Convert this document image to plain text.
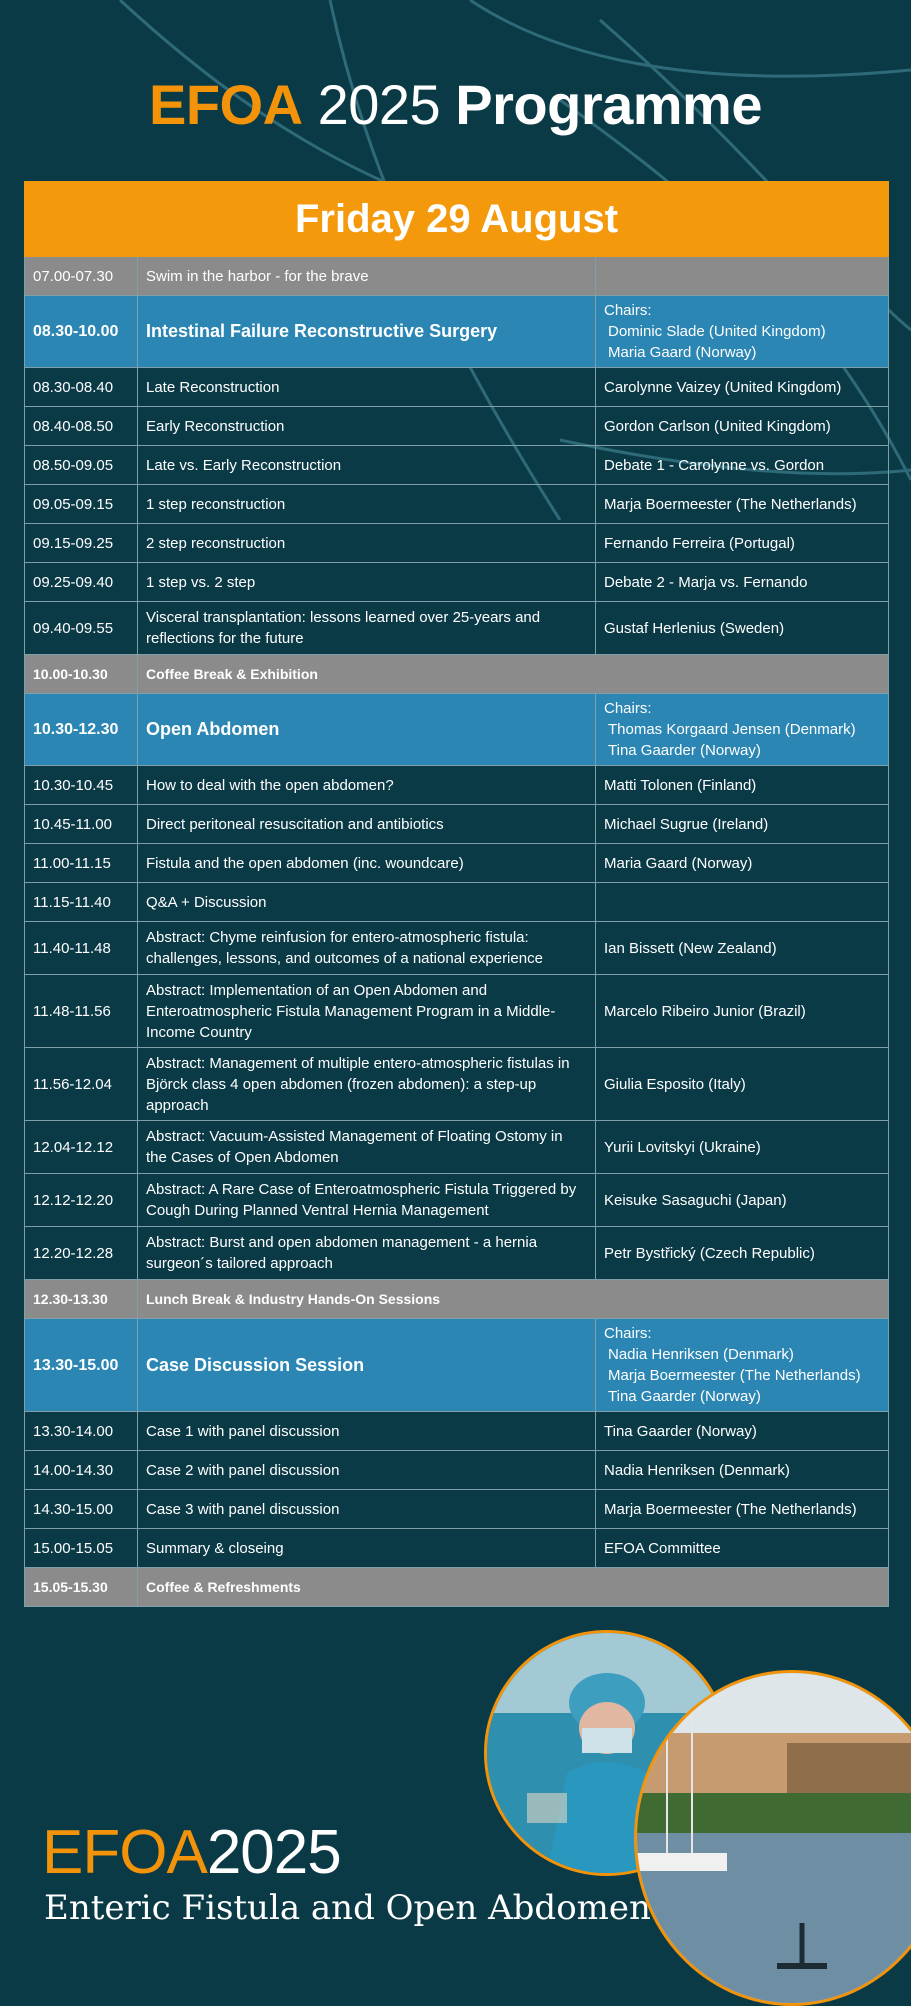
EFOA 2025 Programme
Friday 29 August		
07.00-07.30	Swim in the harbor - for the brave	
08.30-10.00	Intestinal Failure Reconstructive Surgery	Chairs:
Dominic Slade (United Kingdom)
Maria Gaard (Norway)

08.30-08.40	Late Reconstruction	Carolynne Vaizey (United Kingdom)
08.40-08.50	Early Reconstruction	Gordon Carlson (United Kingdom)
08.50-09.05	Late vs. Early Reconstruction	Debate 1 - Carolynne vs. Gordon
09.05-09.15	1 step reconstruction	Marja Boermeester (The Netherlands)
09.15-09.25	2 step reconstruction	Fernando Ferreira (Portugal)
09.25-09.40	1 step vs. 2 step	Debate 2 - Marja vs. Fernando
09.40-09.55	Visceral transplantation: lessons learned over 25-years and reflections for the future	Gustaf Herlenius (Sweden)
10.00-10.30	Coffee Break & Exhibition	
10.30-12.30	Open Abdomen	Chairs:
Thomas Korgaard Jensen (Denmark)
Tina Gaarder (Norway)

10.30-10.45	How to deal with the open abdomen?	Matti Tolonen (Finland)
10.45-11.00	Direct peritoneal resuscitation and antibiotics	Michael Sugrue (Ireland)
11.00-11.15	Fistula and the open abdomen (inc. woundcare)	Maria Gaard (Norway)
11.15-11.40	Q&A + Discussion	
11.40-11.48	Abstract: Chyme reinfusion for entero-atmospheric fistula: challenges, lessons, and outcomes of a national experience	Ian Bissett (New Zealand)
11.48-11.56	Abstract: Implementation of an Open Abdomen and Enteroatmospheric Fistula Management Program in a Middle-Income Country	Marcelo Ribeiro Junior (Brazil)
11.56-12.04	Abstract: Management of multiple entero-atmospheric fistulas in Björck class 4 open abdomen (frozen abdomen): a step-up approach	Giulia Esposito (Italy)
12.04-12.12	Abstract: Vacuum-Assisted Management of Floating Ostomy in the Cases of Open Abdomen	Yurii Lovitskyi (Ukraine)
12.12-12.20	Abstract: A Rare Case of Enteroatmospheric Fistula Triggered by Cough During Planned Ventral Hernia Management	Keisuke Sasaguchi (Japan)
12.20-12.28	Abstract: Burst and open abdomen management - a hernia surgeon´s tailored approach	Petr Bystřický (Czech Republic)
12.30-13.30	Lunch Break & Industry Hands-On Sessions	
13.30-15.00	Case Discussion Session	Chairs:
Nadia Henriksen (Denmark)
Marja Boermeester (The Netherlands)
Tina Gaarder (Norway)

13.30-14.00	Case 1 with panel discussion	Tina Gaarder (Norway)
14.00-14.30	Case 2 with panel discussion	Nadia Henriksen (Denmark)
14.30-15.00	Case 3 with panel discussion	Marja Boermeester (The Netherlands)
15.00-15.05	Summary & closeing	EFOA Committee
15.05-15.30	Coffee & Refreshments	
EFOA2025
Enteric Fistula and Open Abdomen
